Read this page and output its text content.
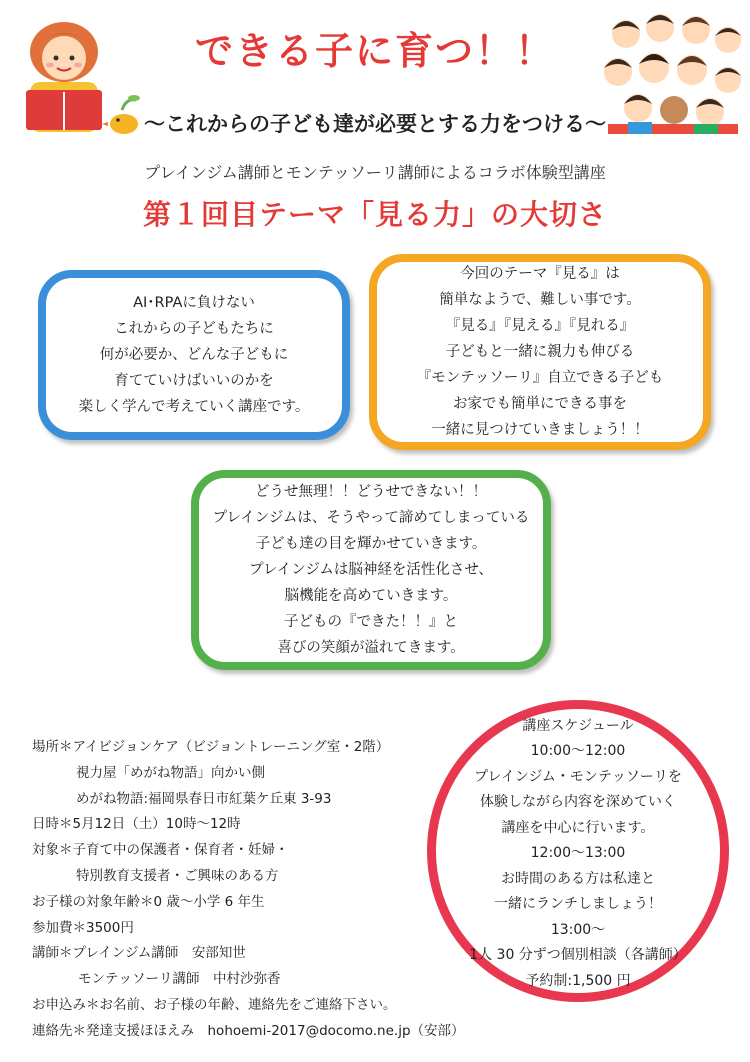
できる子に育つ！！
～これからの子ども達が必要とする力をつける～
プレインジム講師とモンテッソーリ講師によるコラボ体験型講座
第１回目テーマ「見る力」の大切さ
AI･RPAに負けない
これからの子どもたちに
何が必要か、どんな子どもに
育てていけばいいのかを
楽しく学んで考えていく講座です。
今回のテーマ『見る』は
簡単なようで、難しい事です。
『見る』『見える』『見れる』
子どもと一緒に親力も伸びる
『モンテッソーリ』自立できる子ども
お家でも簡単にできる事を
一緒に見つけていきましょう！！
どうせ無理！！どうせできない！！
プレインジムは、そうやって諦めてしまっている
子ども達の目を輝かせていきます。
プレインジムは脳神経を活性化させ、
脳機能を高めていきます。
子どもの『できた！！』と
喜びの笑顔が溢れてきます。
場所＊アイビジョンケア（ビジョントレーニング室・2階）
視力屋「めがね物語」向かい側
めがね物語:福岡県春日市紅葉ケ丘東 3-93
日時＊5月12日（土）10時～12時
対象＊子育て中の保護者・保育者・妊婦・
特別教育支援者・ご興味のある方
お子様の対象年齢＊0 歳～小学 6 年生
参加費＊3500円
講師＊プレインジム講師　安部知世
モンテッソーリ講師　中村沙弥香
お申込み＊お名前、お子様の年齢、連絡先をご連絡下さい。
連絡先＊発達支援ほほえみ　hohoemi-2017@docomo.ne.jp（安部）
講座スケジュール
10:00～12:00
プレインジム・モンテッソーリを
体験しながら内容を深めていく
講座を中心に行います。
12:00～13:00
お時間のある方は私達と
一緒にランチしましょう！
13:00～
1人 30 分ずつ個別相談（各講師）
予約制:1,500 円
